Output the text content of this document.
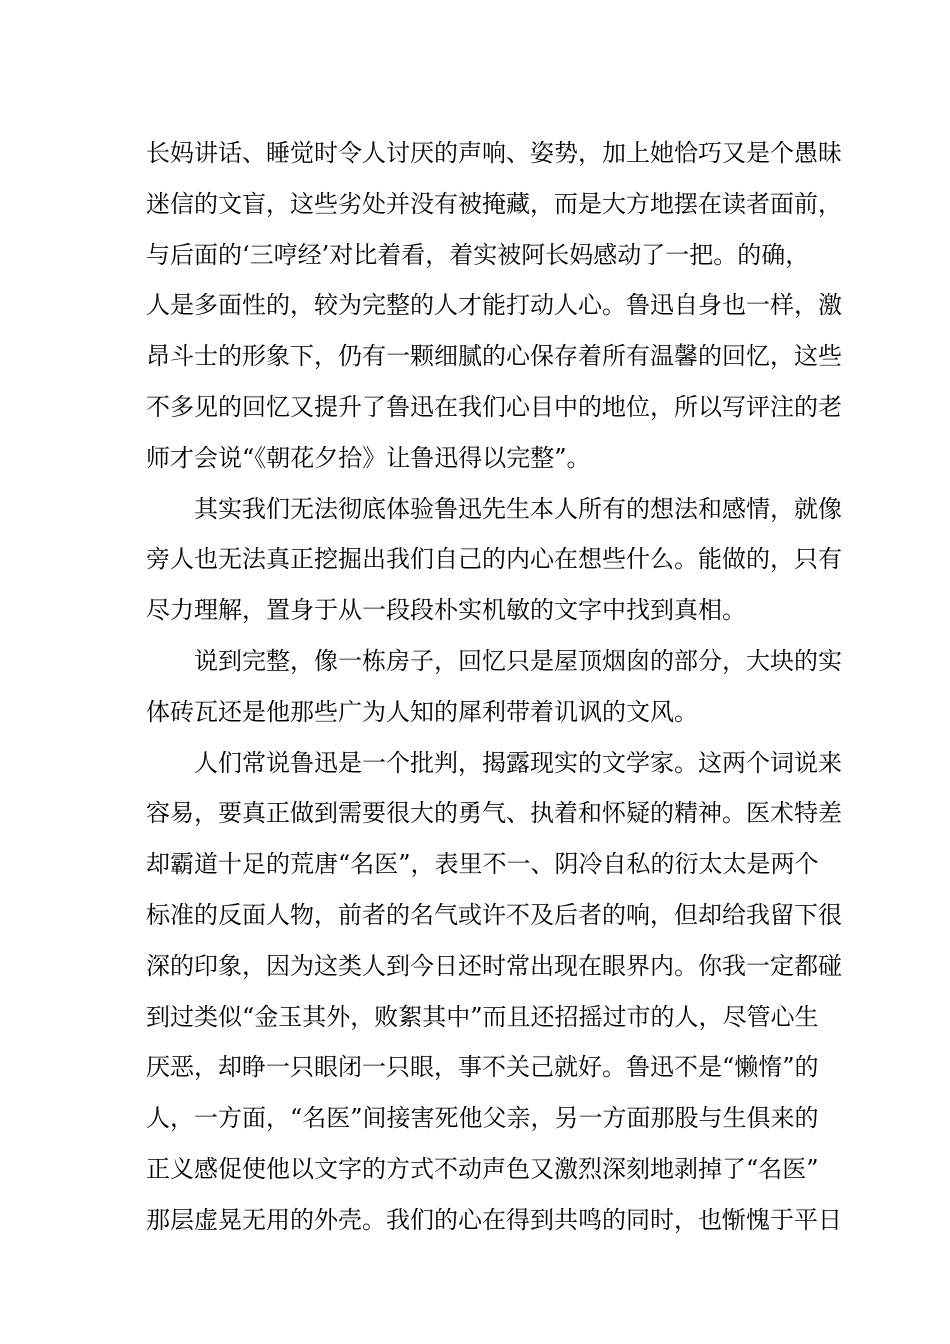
长妈讲话、睡觉时令人讨厌的声响、姿势，加上她恰巧又是个愚昧
迷信的文盲，这些劣处并没有被掩藏，而是大方地摆在读者面前，
与后面的‘三哼经’对比着看，着实被阿长妈感动了一把。的确，
人是多面性的，较为完整的人才能打动人心。鲁迅自身也一样，激
昂斗士的形象下，仍有一颗细腻的心保存着所有温馨的回忆，这些
不多见的回忆又提升了鲁迅在我们心目中的地位，所以写评注的老
师才会说“《朝花夕拾》让鲁迅得以完整”。
其实我们无法彻底体验鲁迅先生本人所有的想法和感情，就像
旁人也无法真正挖掘出我们自己的内心在想些什么。能做的，只有
尽力理解，置身于从一段段朴实机敏的文字中找到真相。
说到完整，像一栋房子，回忆只是屋顶烟囱的部分，大块的实
体砖瓦还是他那些广为人知的犀利带着讥讽的文风。
人们常说鲁迅是一个批判，揭露现实的文学家。这两个词说来
容易，要真正做到需要很大的勇气、执着和怀疑的精神。医术特差
却霸道十足的荒唐“名医”，表里不一、阴冷自私的衍太太是两个
标准的反面人物，前者的名气或许不及后者的响，但却给我留下很
深的印象，因为这类人到今日还时常出现在眼界内。你我一定都碰
到过类似“金玉其外，败絮其中”而且还招摇过市的人，尽管心生
厌恶，却睁一只眼闭一只眼，事不关己就好。鲁迅不是“懒惰”的
人，一方面，“名医”间接害死他父亲，另一方面那股与生俱来的
正义感促使他以文字的方式不动声色又激烈深刻地剥掉了“名医”
那层虚晃无用的外壳。我们的心在得到共鸣的同时，也惭愧于平日
